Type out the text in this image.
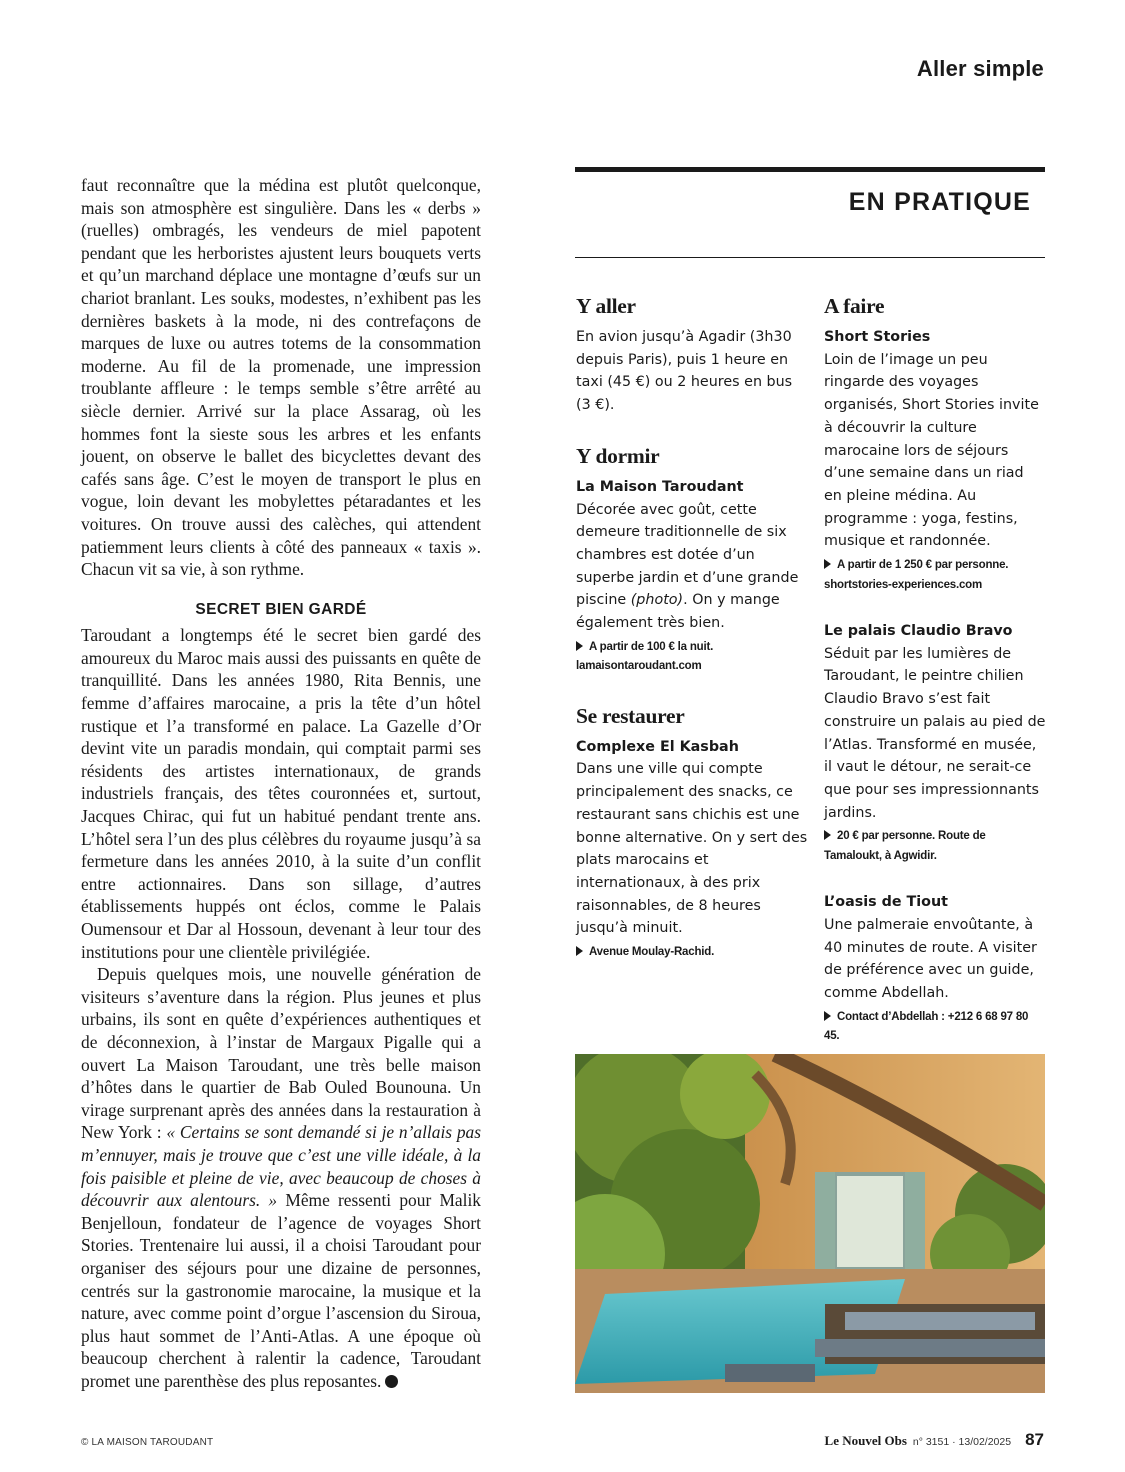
Aller simple

faut reconnaître que la médina est plutôt quelconque, mais son atmosphère est singulière. Dans les « derbs » (ruelles) ombragés, les vendeurs de miel papotent pendant que les herboristes ajustent leurs bouquets verts et qu’un marchand déplace une montagne d’œufs sur un chariot branlant. Les souks, modestes, n’exhibent pas les dernières baskets à la mode, ni des contrefaçons de marques de luxe ou autres totems de la consommation moderne. Au fil de la promenade, une impression troublante affleure : le temps semble s’être arrêté au siècle dernier. Arrivé sur la place Assarag, où les hommes font la sieste sous les arbres et les enfants jouent, on observe le ballet des bicyclettes devant des cafés sans âge. C’est le moyen de transport le plus en vogue, loin devant les mobylettes pétaradantes et les voitures. On trouve aussi des calèches, qui attendent patiemment leurs clients à côté des panneaux « taxis ». Chacun vit sa vie, à son rythme.

SECRET BIEN GARDÉ

Taroudant a longtemps été le secret bien gardé des amoureux du Maroc mais aussi des puissants en quête de tranquillité. Dans les années 1980, Rita Bennis, une femme d’affaires marocaine, a pris la tête d’un hôtel rustique et l’a transformé en palace. La Gazelle d’Or devint vite un paradis mondain, qui comptait parmi ses résidents des artistes internationaux, de grands industriels français, des têtes couronnées et, surtout, Jacques Chirac, qui fut un habitué pendant trente ans. L’hôtel sera l’un des plus célèbres du royaume jusqu’à sa fermeture dans les années 2010, à la suite d’un conflit entre actionnaires. Dans son sillage, d’autres établissements huppés ont éclos, comme le Palais Oumensour et Dar al Hossoun, devenant à leur tour des institutions pour une clientèle privilégiée.

Depuis quelques mois, une nouvelle génération de visiteurs s’aventure dans la région. Plus jeunes et plus urbains, ils sont en quête d’expériences authentiques et de déconnexion, à l’instar de Margaux Pigalle qui a ouvert La Maison Taroudant, une très belle maison d’hôtes dans le quartier de Bab Ouled Bounouna. Un virage surprenant après des années dans la restauration à New York : « Certains se sont demandé si je n’allais pas m’ennuyer, mais je trouve que c’est une ville idéale, à la fois paisible et pleine de vie, avec beaucoup de choses à découvrir aux alentours. » Même ressenti pour Malik Benjelloun, fondateur de l’agence de voyages Short Stories. Trentenaire lui aussi, il a choisi Taroudant pour organiser des séjours pour une dizaine de personnes, centrés sur la gastronomie marocaine, la musique et la nature, avec comme point d’orgue l’ascension du Siroua, plus haut sommet de l’Anti-Atlas. A une époque où beaucoup cherchent à ralentir la cadence, Taroudant promet une parenthèse des plus reposantes.

EN PRATIQUE
Y aller

En avion jusqu’à Agadir (3h30 depuis Paris), puis 1 heure en taxi (45 €) ou 2 heures en bus (3 €).

Y dormir
La Maison Taroudant

Décorée avec goût, cette demeure traditionnelle de six chambres est dotée d’un superbe jardin et d’une grande piscine (photo). On y mange également très bien.

A partir de 100 € la nuit.
lamaisontaroudant.com
Se restaurer
Complexe El Kasbah

Dans une ville qui compte principalement des snacks, ce restaurant sans chichis est une bonne alternative. On y sert des plats marocains et internationaux, à des prix raisonnables, de 8 heures jusqu’à minuit.

Avenue Moulay-Rachid.
A faire
Short Stories

Loin de l’image un peu ringarde des voyages organisés, Short Stories invite à découvrir la culture marocaine lors de séjours d’une semaine dans un riad en pleine médina. Au programme : yoga, festins, musique et randonnée.

A partir de 1 250 € par personne.
shortstories-experiences.com
Le palais Claudio Bravo

Séduit par les lumières de Taroudant, le peintre chilien Claudio Bravo s’est fait construire un palais au pied de l’Atlas. Transformé en musée, il vaut le détour, ne serait-ce que pour ses impressionnants jardins.

20 € par personne. Route de Tamaloukt, à Agwidir.
L’oasis de Tiout

Une palmeraie envoûtante, à 40 minutes de route. A visiter de préférence avec un guide, comme Abdellah.

Contact d’Abdellah : +212 6 68 97 80 45.
© LA MAISON TAROUDANT	Le Nouvel Obs n° 3151 · 13/02/2025 87
